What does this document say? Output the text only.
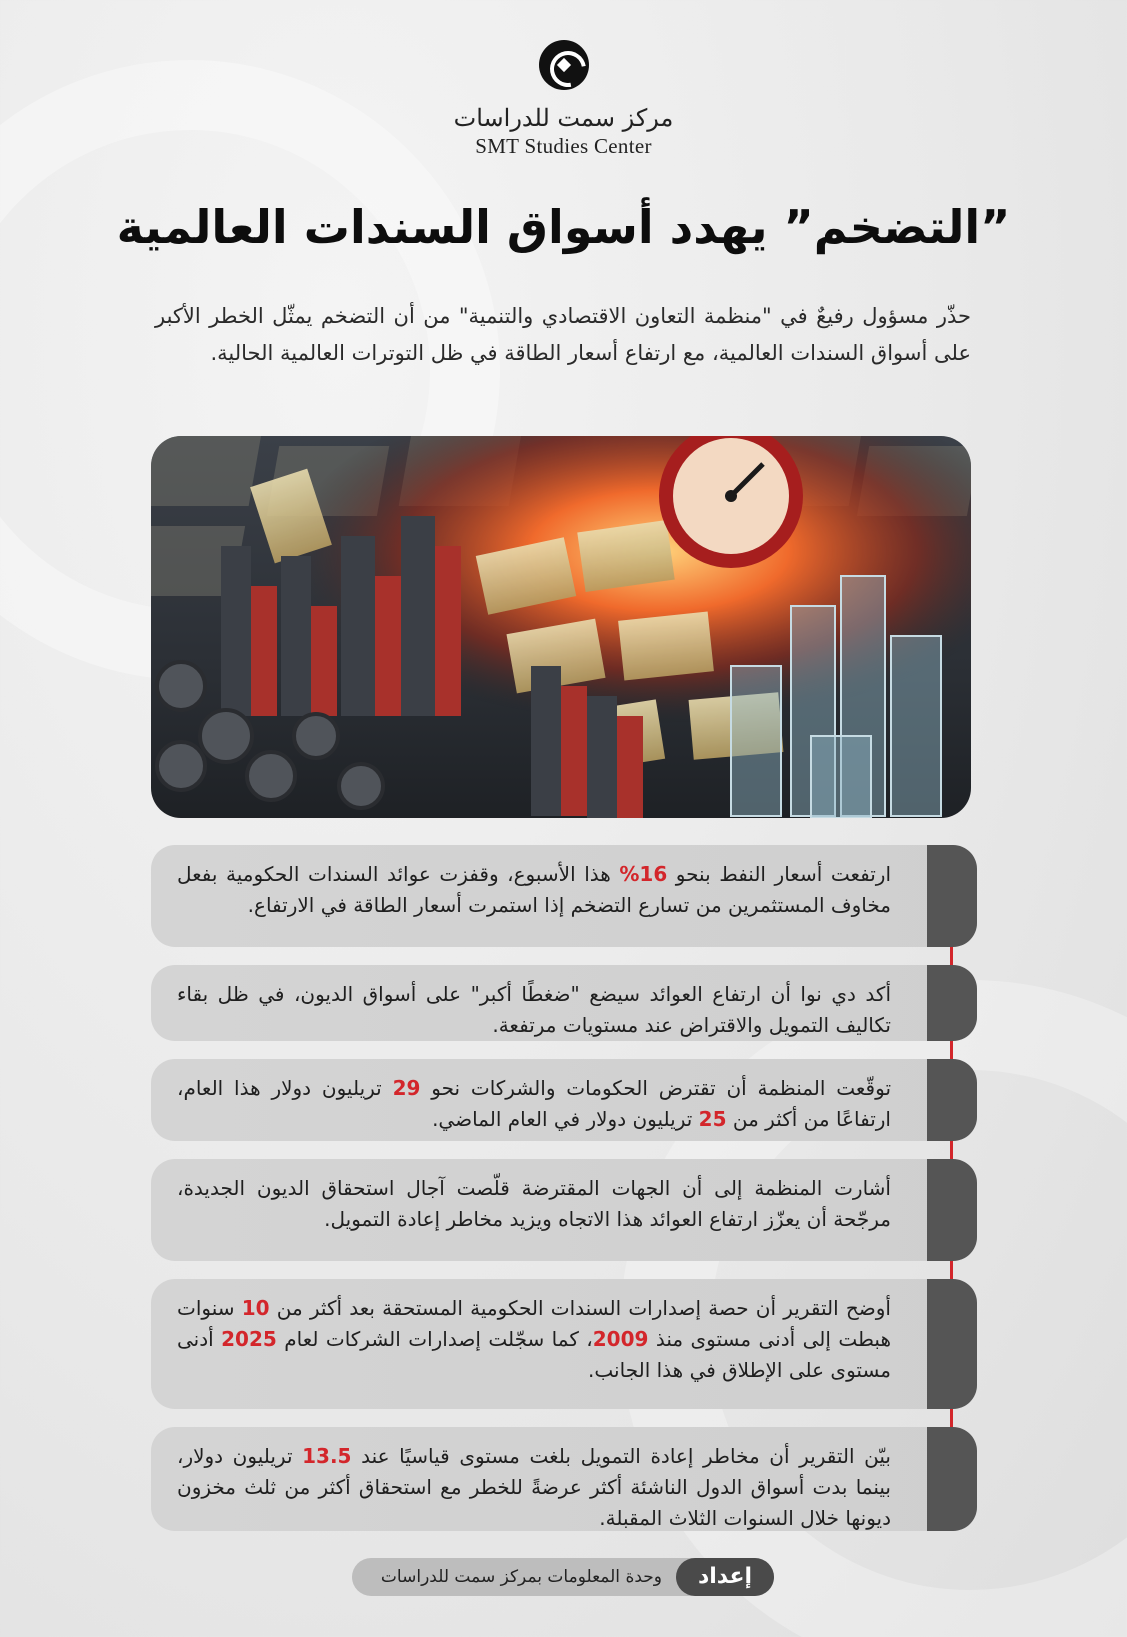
مركز سمت للدراسات
SMT Studies Center
”التضخم” يهدد أسواق السندات العالمية

حذّر مسؤول رفيعٌ في "منظمة التعاون الاقتصادي والتنمية" من أن التضخم يمثّل الخطر الأكبر على أسواق السندات العالمية، مع ارتفاع أسعار الطاقة في ظل التوترات العالمية الحالية.

ارتفعت أسعار النفط بنحو 16% هذا الأسبوع، وقفزت عوائد السندات الحكومية بفعل مخاوف المستثمرين من تسارع التضخم إذا استمرت أسعار الطاقة في الارتفاع.

أكد دي نوا أن ارتفاع العوائد سيضع "ضغطًا أكبر" على أسواق الديون، في ظل بقاء تكاليف التمويل والاقتراض عند مستويات مرتفعة.

توقّعت المنظمة أن تقترض الحكومات والشركات نحو 29 تريليون دولار هذا العام، ارتفاعًا من أكثر من 25 تريليون دولار في العام الماضي.

أشارت المنظمة إلى أن الجهات المقترضة قلّصت آجال استحقاق الديون الجديدة، مرجّحة أن يعزّز ارتفاع العوائد هذا الاتجاه ويزيد مخاطر إعادة التمويل.

أوضح التقرير أن حصة إصدارات السندات الحكومية المستحقة بعد أكثر من 10 سنوات هبطت إلى أدنى مستوى منذ 2009، كما سجّلت إصدارات الشركات لعام 2025 أدنى مستوى على الإطلاق في هذا الجانب.

بيّن التقرير أن مخاطر إعادة التمويل بلغت مستوى قياسيًا عند 13.5 تريليون دولار، بينما بدت أسواق الدول الناشئة أكثر عرضةً للخطر مع استحقاق أكثر من ثلث مخزون ديونها خلال السنوات الثلاث المقبلة.

إعداد
وحدة المعلومات بمركز سمت للدراسات
